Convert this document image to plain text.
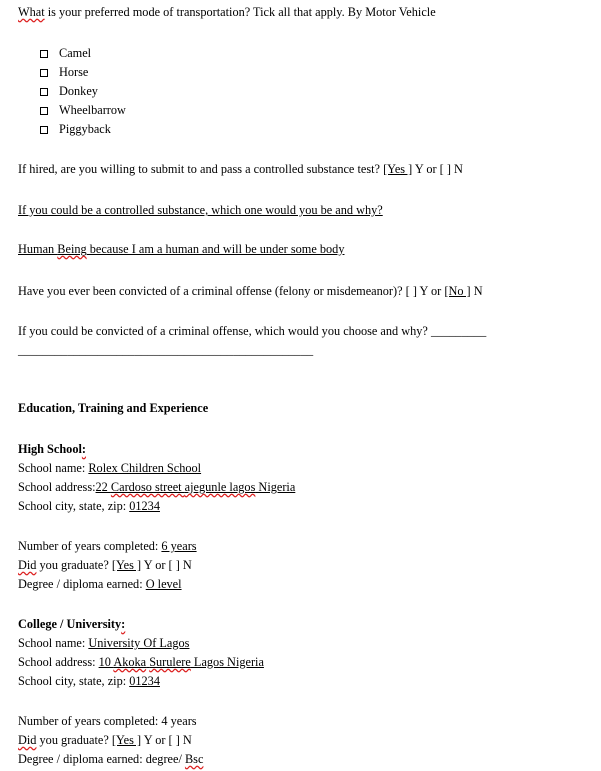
What is your preferred mode of transportation? Tick all that apply. By Motor Vehicle
Camel
Horse
Donkey
Wheelbarrow
Piggyback
If hired, are you willing to submit to and pass a controlled substance test? [Yes ] Y or [ ] N
If you could be a controlled substance, which one would you be and why?
Human Being because I am a human and will be under some body
Have you ever been convicted of a criminal offense (felony or misdemeanor)? [ ] Y or [No ] N
If you could be convicted of a criminal offense, which would you choose and why? _________
________________________________________________
Education, Training and Experience
High School:
School name: Rolex Children School
School address:22 Cardoso street ajegunle lagos Nigeria
School city, state, zip: 01234
Number of years completed: 6 years
Did you graduate? [Yes ] Y or [ ] N
Degree / diploma earned: O level
College / University:
School name: University Of Lagos
School address: 10 Akoka Surulere Lagos Nigeria
School city, state, zip: 01234
Number of years completed: 4 years
Did you graduate? [Yes ] Y or [ ] N
Degree / diploma earned: degree/ Bsc
